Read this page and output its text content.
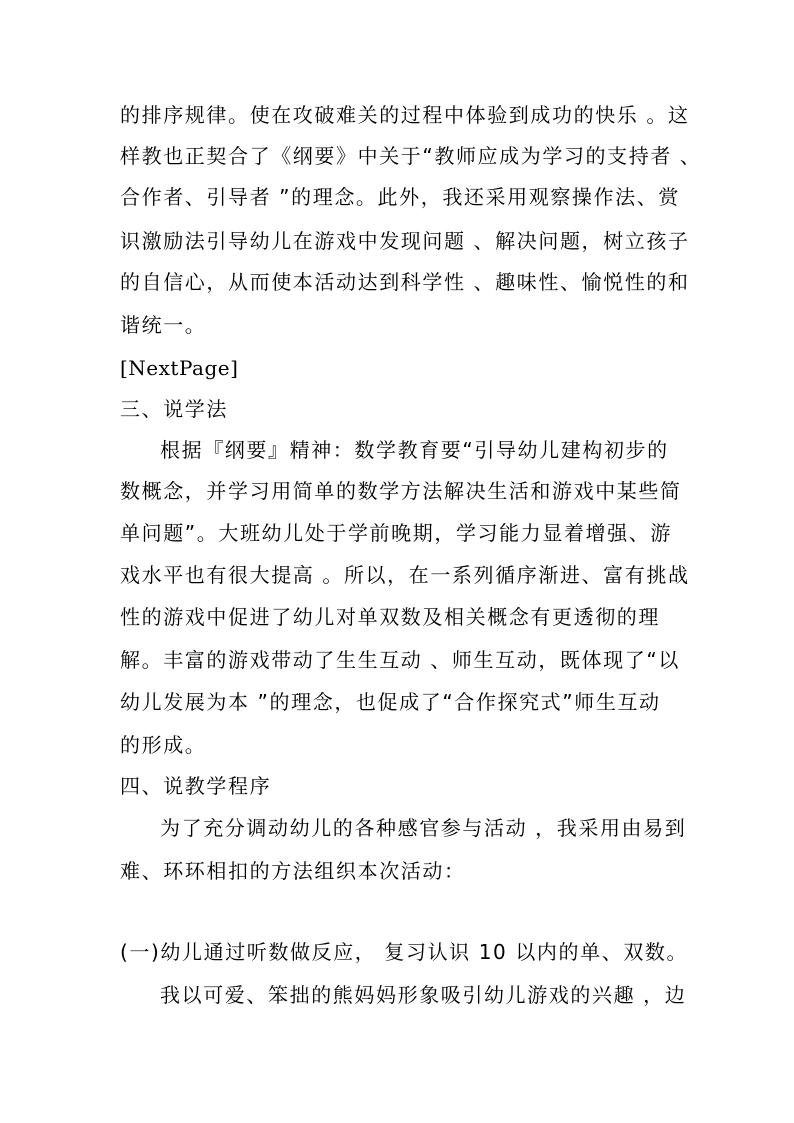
的排序规律。使在攻破难关的过程中体验到成功的快乐 。这
样教也正契合了《纲要》中关于“教师应成为学习的支持者 、
合作者、引导者 ”的理念。此外，我还采用观察操作法、赏
识激励法引导幼儿在游戏中发现问题 、解决问题，树立孩子
的自信心，从而使本活动达到科学性 、趣味性、愉悦性的和
谐统一。
[NextPage]
三、说学法
根据『纲要』精神：数学教育要“引导幼儿建构初步的
数概念，并学习用简单的数学方法解决生活和游戏中某些简
单问题”。大班幼儿处于学前晚期，学习能力显着增强、游
戏水平也有很大提高 。所以，在一系列循序渐进、富有挑战
性的游戏中促进了幼儿对单双数及相关概念有更透彻的理
解。丰富的游戏带动了生生互动 、师生互动，既体现了“以
幼儿发展为本 ”的理念，也促成了“合作探究式”师生互动
的形成。
四、说教学程序
为了充分调动幼儿的各种感官参与活动 ，我采用由易到
难、环环相扣的方法组织本次活动：
(一)幼儿通过听数做反应， 复习认识 10 以内的单、双数。
我以可爱、笨拙的熊妈妈形象吸引幼儿游戏的兴趣 ，边
